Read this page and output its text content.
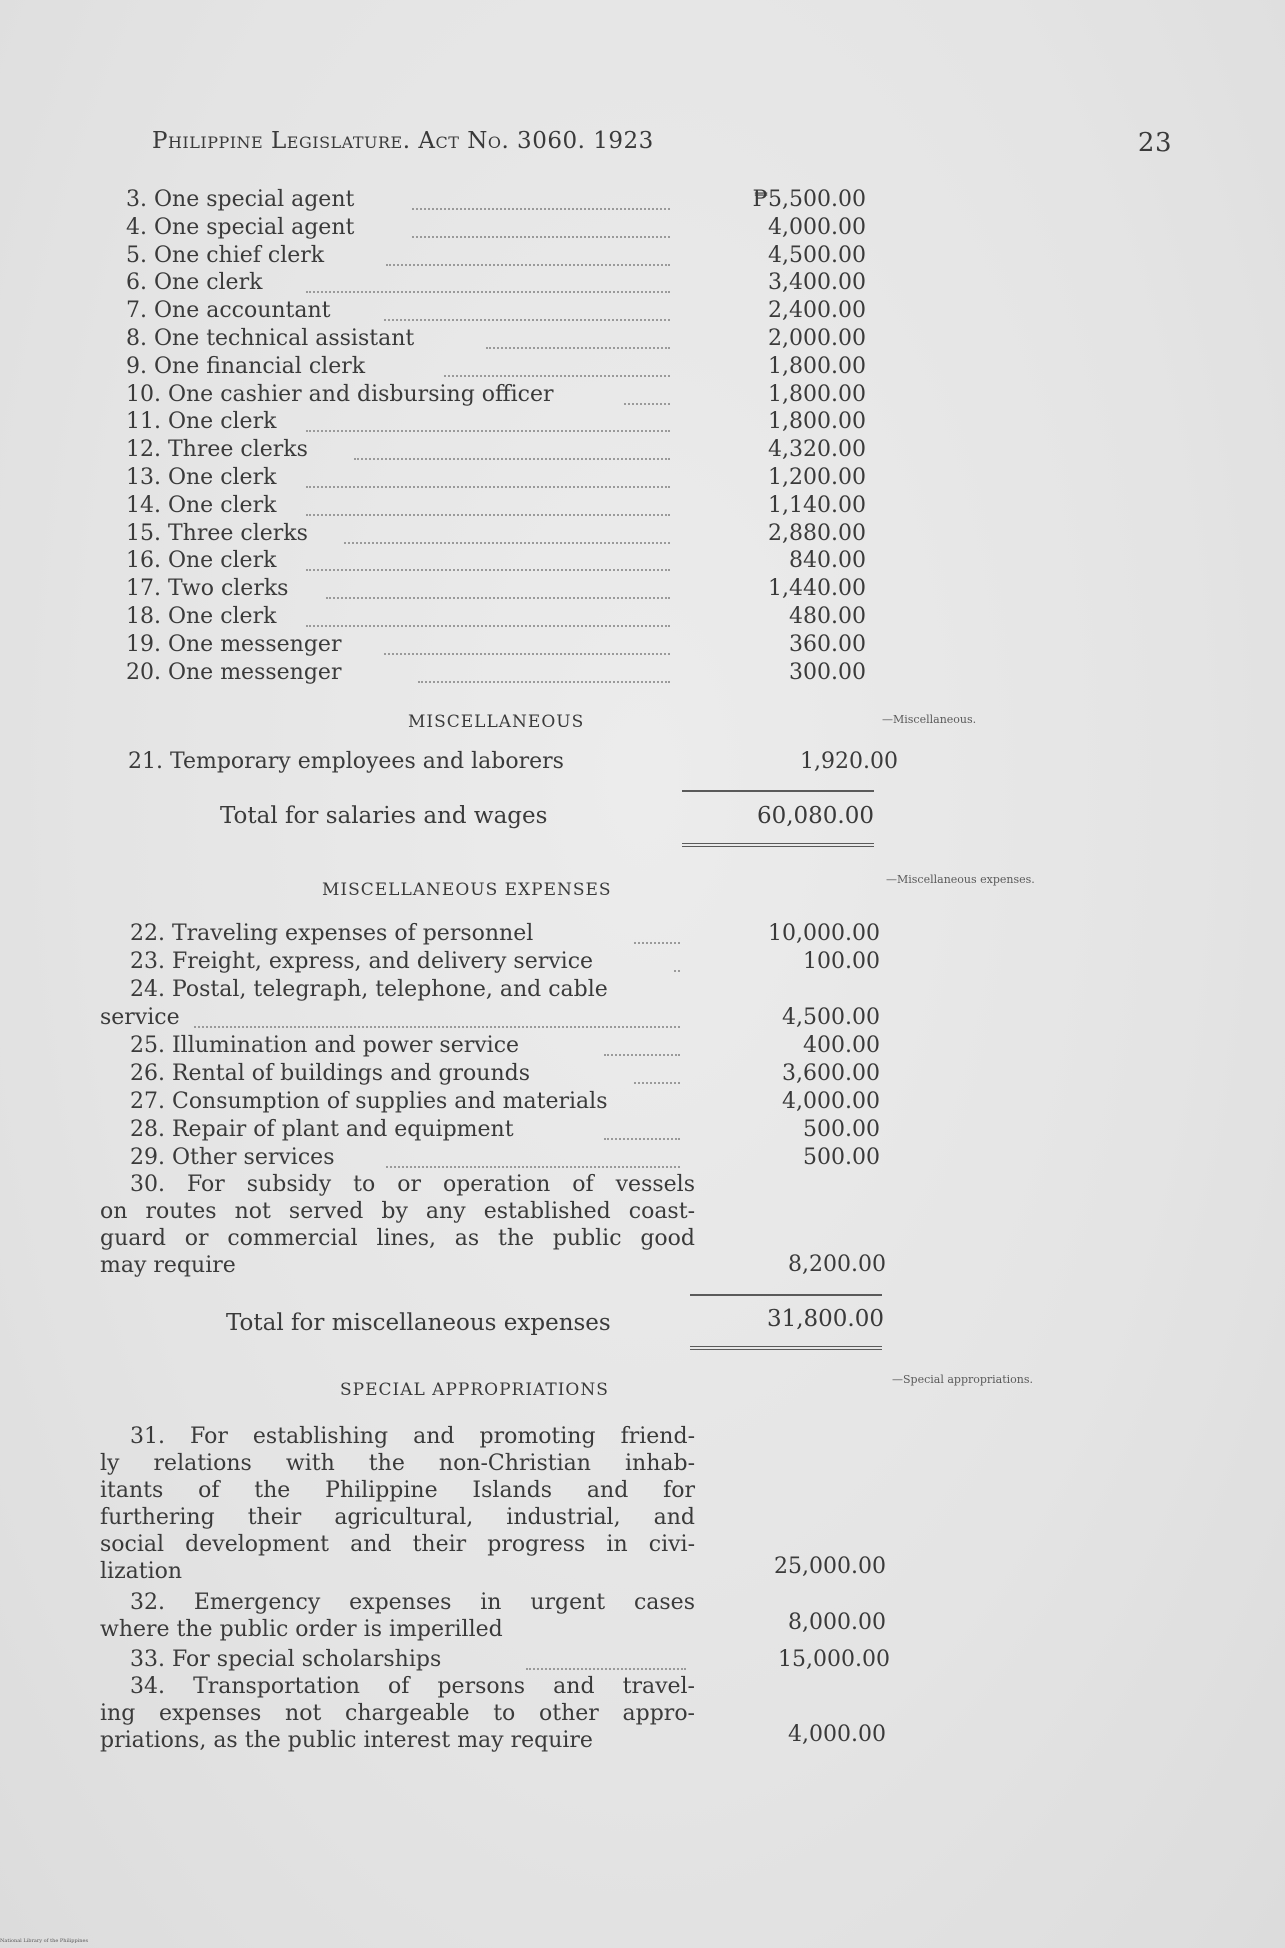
Philippine Legislature. Act No. 3060. 1923	23
3. One special agent	₱5,500.00
4. One special agent	4,000.00
5. One chief clerk	4,500.00
6. One clerk	3,400.00
7. One accountant	2,400.00
8. One technical assistant	2,000.00
9. One financial clerk	1,800.00
10. One cashier and disbursing officer	1,800.00
11. One clerk	1,800.00
12. Three clerks	4,320.00
13. One clerk	1,200.00
14. One clerk	1,140.00
15. Three clerks	2,880.00
16. One clerk	840.00
17. Two clerks	1,440.00
18. One clerk	480.00
19. One messenger	360.00
20. One messenger	300.00
MISCELLANEOUS	—Miscellaneous.
21. Temporary employees and laborers	1,920.00
Total for salaries and wages	60,080.00
MISCELLANEOUS EXPENSES
—Miscellaneous expenses.
22. Traveling expenses of personnel	10,000.00
23. Freight, express, and delivery service	100.00
24. Postal, telegraph, telephone, and cable
service	4,500.00
25. Illumination and power service	400.00
26. Rental of buildings and grounds	3,600.00
27. Consumption of supplies and materials	4,000.00
28. Repair of plant and equipment	500.00
29. Other services	500.00
30. For subsidy to or operation of vessels
on routes not served by any established coast-
guard or commercial lines, as the public good
may require	8,200.00
Total for miscellaneous expenses	31,800.00
SPECIAL APPROPRIATIONS
—Special appropriations.
31. For establishing and promoting friend-
ly relations with the non-Christian inhab-
itants of the Philippine Islands and for
furthering their agricultural, industrial, and
social development and their progress in civi-
lization	25,000.00
32. Emergency expenses in urgent cases
where the public order is imperilled	8,000.00
33. For special scholarships	15,000.00
34. Transportation of persons and travel-
ing expenses not chargeable to other appro-
priations, as the public interest may require	4,000.00
National Library of the Philippines
